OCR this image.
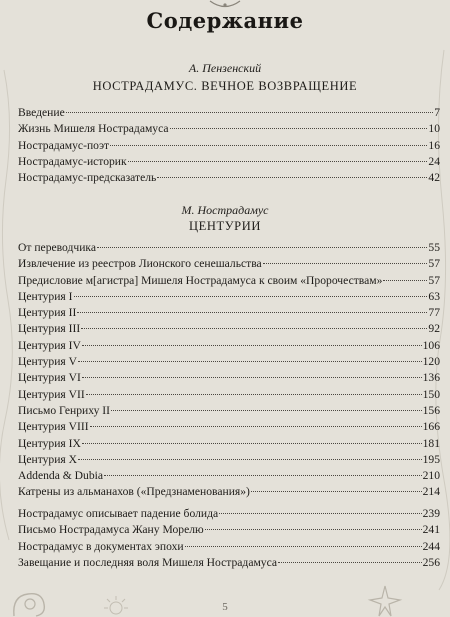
Содержание
А. Пензенский
НОСТРАДАМУС. ВЕЧНОЕ ВОЗВРАЩЕНИЕ
Введение	7
Жизнь Мишеля Нострадамуса	10
Нострадамус-поэт	16
Нострадамус-историк	24
Нострадамус-предсказатель	42
М. Нострадамус
ЦЕНТУРИИ
От переводчика	55
Извлечение из реестров Лионского сенешальства	57
Предисловие м[агистра] Мишеля Нострадамуса к своим «Пророчествам»	57
Центурия I	63
Центурия II	77
Центурия III	92
Центурия IV	106
Центурия V	120
Центурия VI	136
Центурия VII	150
Письмо Генриху II	156
Центурия VIII	166
Центурия IX	181
Центурия X	195
Addenda & Dubia	210
Катрены из альманахов («Предзнаменования»)	214
Нострадамус описывает падение болида	239
Письмо Нострадамуса Жану Морелю	241
Нострадамус в документах эпохи	244
Завещание и последняя воля Мишеля Нострадамуса	256
5
